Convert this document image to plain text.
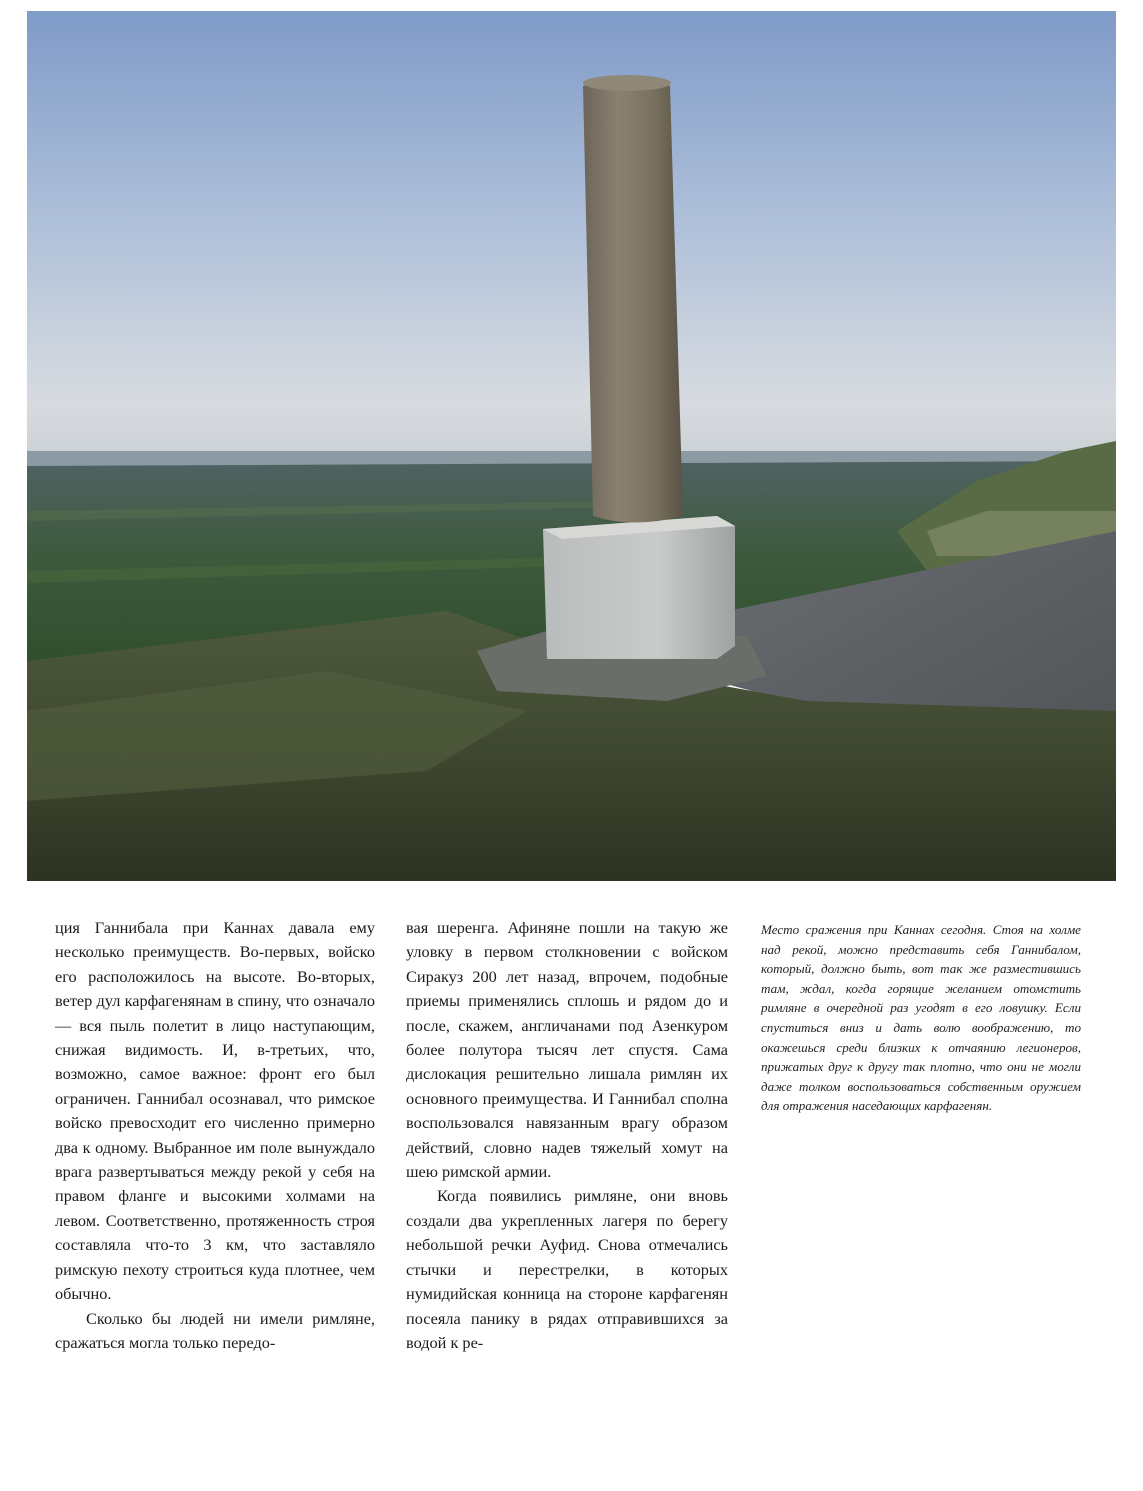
ция Ганнибала при Каннах давала ему несколько преимуществ. Во-первых, войско его расположилось на высоте. Во-вторых, ветер дул карфагенянам в спину, что означало — вся пыль полетит в лицо наступающим, снижая видимость. И, в-третьих, что, возможно, самое важное: фронт его был ограничен. Ганнибал осознавал, что римское войско превосходит его численно примерно два к одному. Выбранное им поле вынуждало врага развертываться между рекой у себя на правом фланге и высокими холмами на левом. Соответственно, протяженность строя составляла что-то 3 км, что заставляло римскую пехоту строиться куда плотнее, чем обычно.

Сколько бы людей ни имели римляне, сражаться могла только передо-

вая шеренга. Афиняне пошли на такую же уловку в первом столкновении с войском Сиракуз 200 лет назад, впрочем, подобные приемы применялись сплошь и рядом до и после, скажем, англичанами под Азенкуром более полутора тысяч лет спустя. Сама дислокация решительно лишала римлян их основного преимущества. И Ганнибал сполна воспользовался навязанным врагу образом действий, словно надев тяжелый хомут на шею римской армии.

Когда появились римляне, они вновь создали два укрепленных лагеря по берегу небольшой речки Ауфид. Снова отмечались стычки и перестрелки, в которых нумидийская конница на стороне карфагенян посеяла панику в рядах отправившихся за водой к ре-

Место сражения при Каннах сегодня. Стоя на холме над рекой, можно представить себя Ганнибалом, который, должно быть, вот так же разместившись там, ждал, когда горящие желанием отомстить римляне в очередной раз угодят в его ловушку. Если спуститься вниз и дать волю воображению, то окажешься среди близких к отчаянию легионеров, прижатых друг к другу так плотно, что они не могли даже толком воспользоваться собственным оружием для отражения наседающих карфагенян.
